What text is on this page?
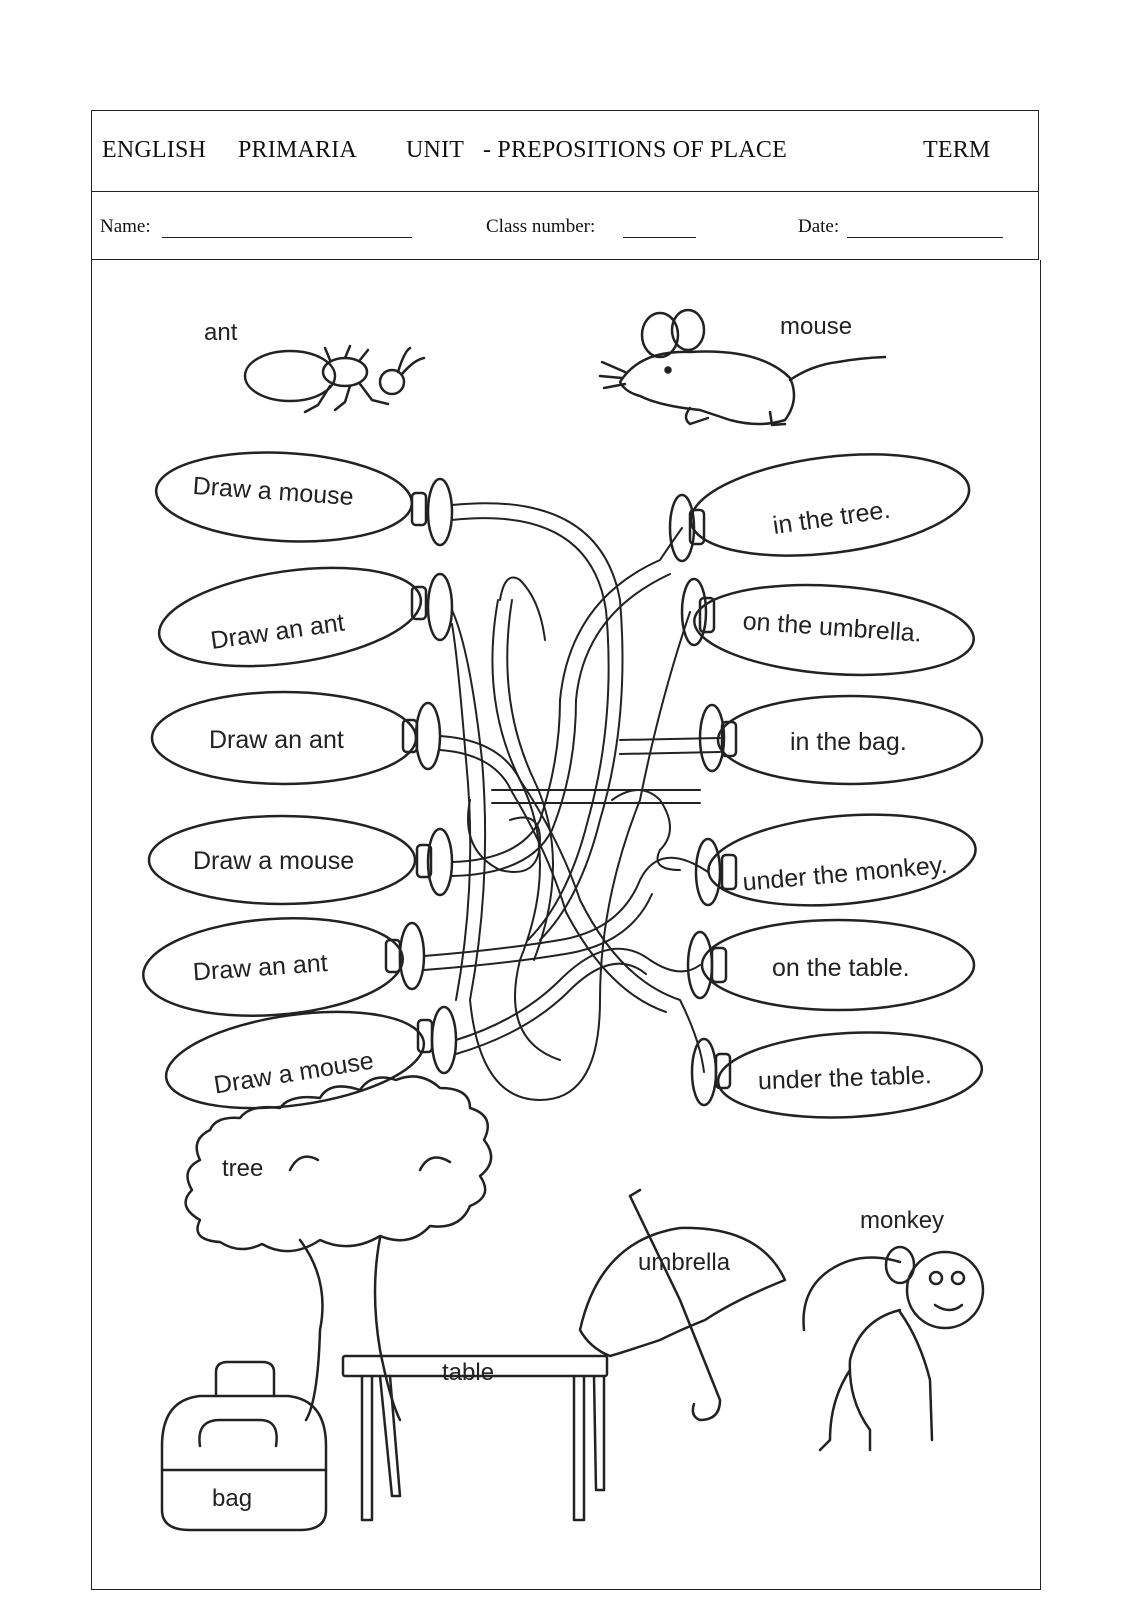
ENGLISH PRIMARIA UNIT - PREPOSITIONS OF PLACE	TERM
Name:	Class number:	Date:
ant	mouse
tree
umbrella
table
bag
monkey
Draw a mouse
Draw an ant
Draw an ant
Draw a mouse
Draw an ant
Draw a mouse
in the tree.
on the umbrella.
in the bag.
under the monkey.
on the table.
under the table.
